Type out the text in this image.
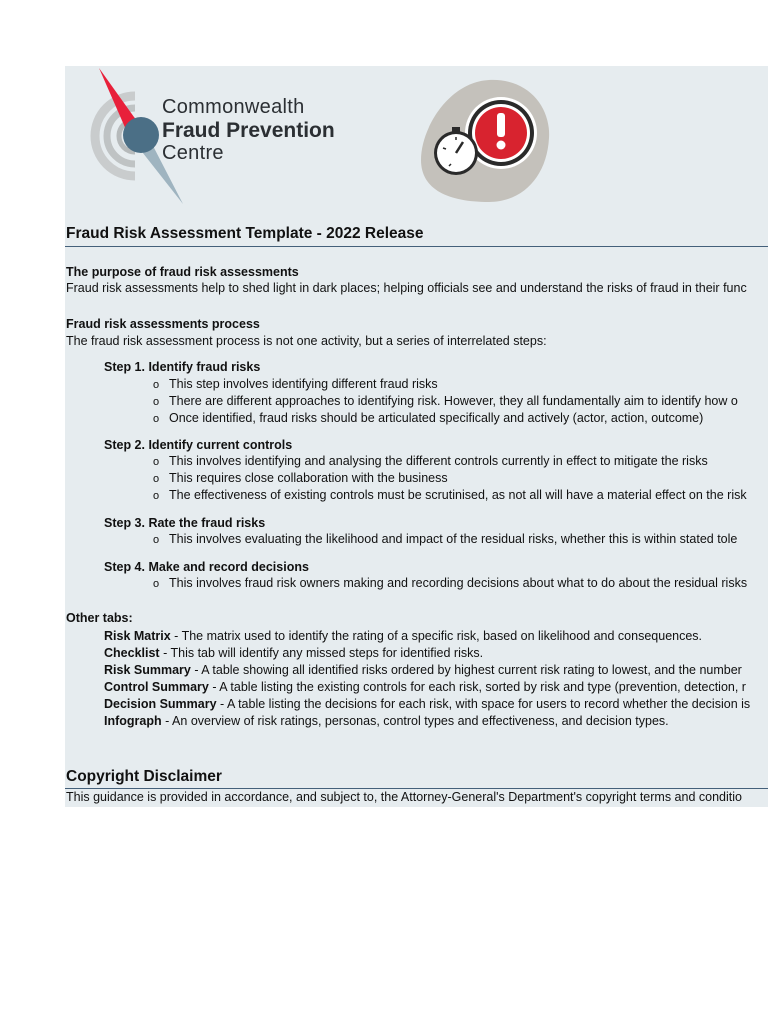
Commonwealth
Fraud Prevention
Centre
Fraud Risk Assessment Template - 2022 Release
The purpose of fraud risk assessments
Fraud risk assessments help to shed light in dark places; helping officials see and understand the risks of fraud in their func
Fraud risk assessments process
The fraud risk assessment process is not one activity, but a series of interrelated steps:
Step 1. Identify fraud risks
o This step involves identifying different fraud risks
o There are different approaches to identifying risk. However, they all fundamentally aim to identify how o
o Once identified, fraud risks should be articulated specifically and actively (actor, action, outcome)
Step 2. Identify current controls
o This involves identifying and analysing the different controls currently in effect to mitigate the risks
o This requires close collaboration with the business
o The effectiveness of existing controls must be scrutinised, as not all will have a material effect on the risk
Step 3. Rate the fraud risks
o This involves evaluating the likelihood and impact of the residual risks, whether this is within stated tole
Step 4. Make and record decisions
o This involves fraud risk owners making and recording decisions about what to do about the residual risks
Other tabs:
Risk Matrix - The matrix used to identify the rating of a specific risk, based on likelihood and consequences.
Checklist - This tab will identify any missed steps for identified risks.
Risk Summary - A table showing all identified risks ordered by highest current risk rating to lowest, and the number
Control Summary - A table listing the existing controls for each risk, sorted by risk and type (prevention, detection, r
Decision Summary - A table listing the decisions for each risk, with space for users to record whether the decision is
Infograph - An overview of risk ratings, personas, control types and effectiveness, and decision types.
Copyright Disclaimer
This guidance is provided in accordance, and subject to, the Attorney-General's Department's copyright terms and conditio
